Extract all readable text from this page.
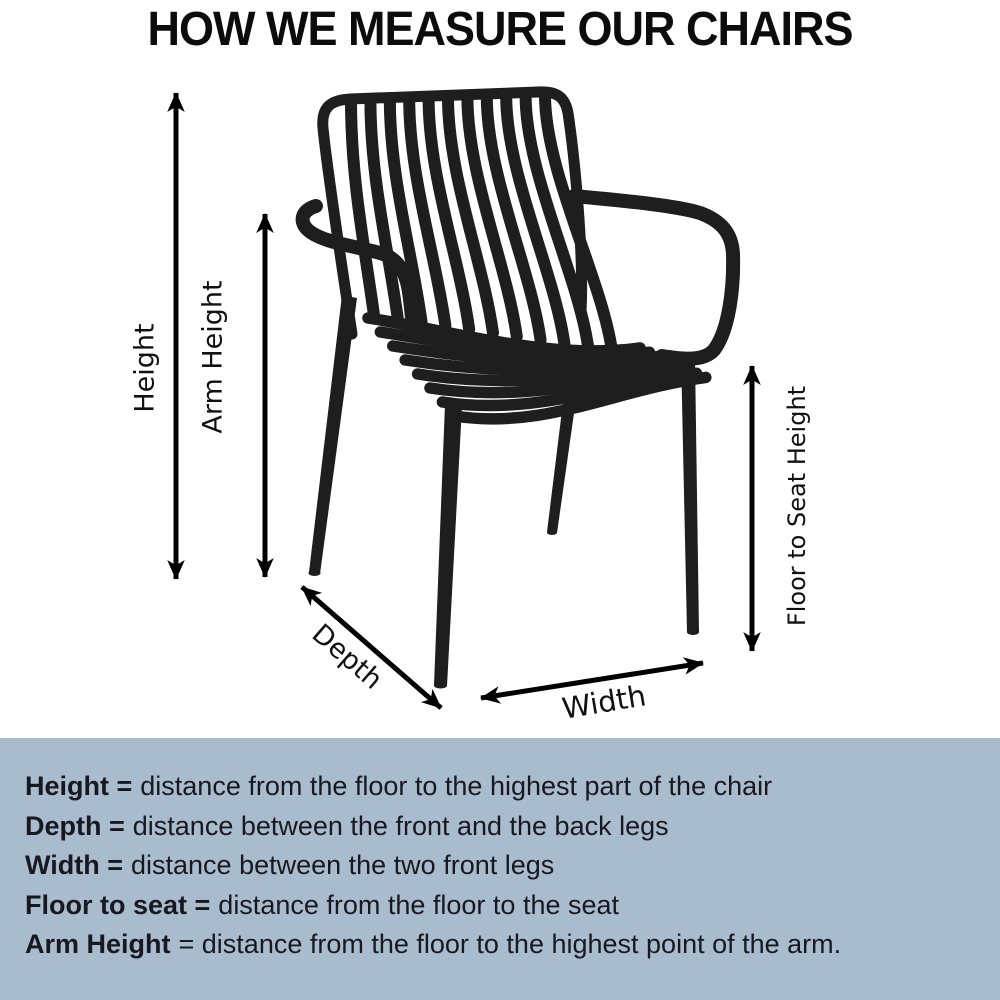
HOW WE MEASURE OUR CHAIRS
Height Arm Height
Floor to Seat Height
Depth
Width

Height = distance from the floor to the highest part of the chair

Depth = distance between the front and the back legs

Width = distance between the two front legs

Floor to seat = distance from the floor to the seat

Arm Height = distance from the floor to the highest point of the arm.
